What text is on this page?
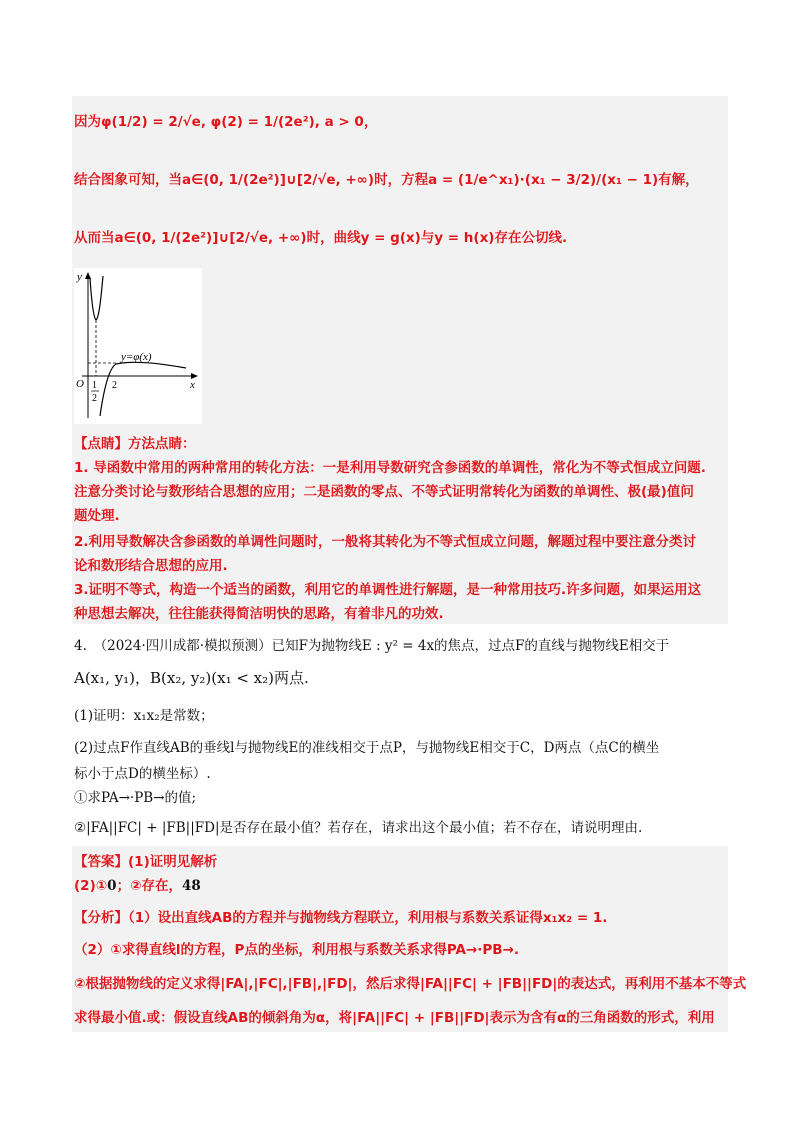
因为φ(1/2) = 2/√e, φ(2) = 1/(2e²), a > 0，
结合图象可知，当a∈(0, 1/(2e²)]∪[2/√e, +∞)时，方程a = (1/e^x₁)·(x₁ − 3/2)/(x₁ − 1)有解，
从而当a∈(0, 1/(2e²)]∪[2/√e, +∞)时，曲线y = g(x)与y = h(x)存在公切线.
y
x
O
y=φ(x)
1
2
2
【点睛】方法点睛：
1. 导函数中常用的两种常用的转化方法：一是利用导数研究含参函数的单调性，常化为不等式恒成立问题.
注意分类讨论与数形结合思想的应用；二是函数的零点、不等式证明常转化为函数的单调性、极(最)值问
题处理.
2.利用导数解决含参函数的单调性问题时，一般将其转化为不等式恒成立问题，解题过程中要注意分类讨
论和数形结合思想的应用.
3.证明不等式，构造一个适当的函数，利用它的单调性进行解题，是一种常用技巧.许多问题，如果运用这
种思想去解决，往往能获得简洁明快的思路，有着非凡的功效.
4.　（2024·四川成都·模拟预测）已知F为抛物线E : y² = 4x的焦点，过点F的直线与抛物线E相交于
A(x₁, y₁)，B(x₂, y₂)(x₁ < x₂)两点.
(1)证明：x₁x₂是常数；
(2)过点F作直线AB的垂线l与抛物线E的准线相交于点P，与抛物线E相交于C，D两点（点C的横坐
标小于点D的横坐标）.
①求PA→·PB→的值;
②|FA||FC| + |FB||FD|是否存在最小值？若存在，请求出这个最小值；若不存在，请说明理由.
【答案】(1)证明见解析
(2)①0；②存在，48
【分析】（1）设出直线AB的方程并与抛物线方程联立，利用根与系数关系证得x₁x₂ = 1.
（2）①求得直线l的方程，P点的坐标，利用根与系数关系求得PA→·PB→.
②根据抛物线的定义求得|FA|,|FC|,|FB|,|FD|，然后求得|FA||FC| + |FB||FD|的表达式，再利用不基本不等式
求得最小值.或：假设直线AB的倾斜角为α，将|FA||FC| + |FB||FD|表示为含有α的三角函数的形式，利用
